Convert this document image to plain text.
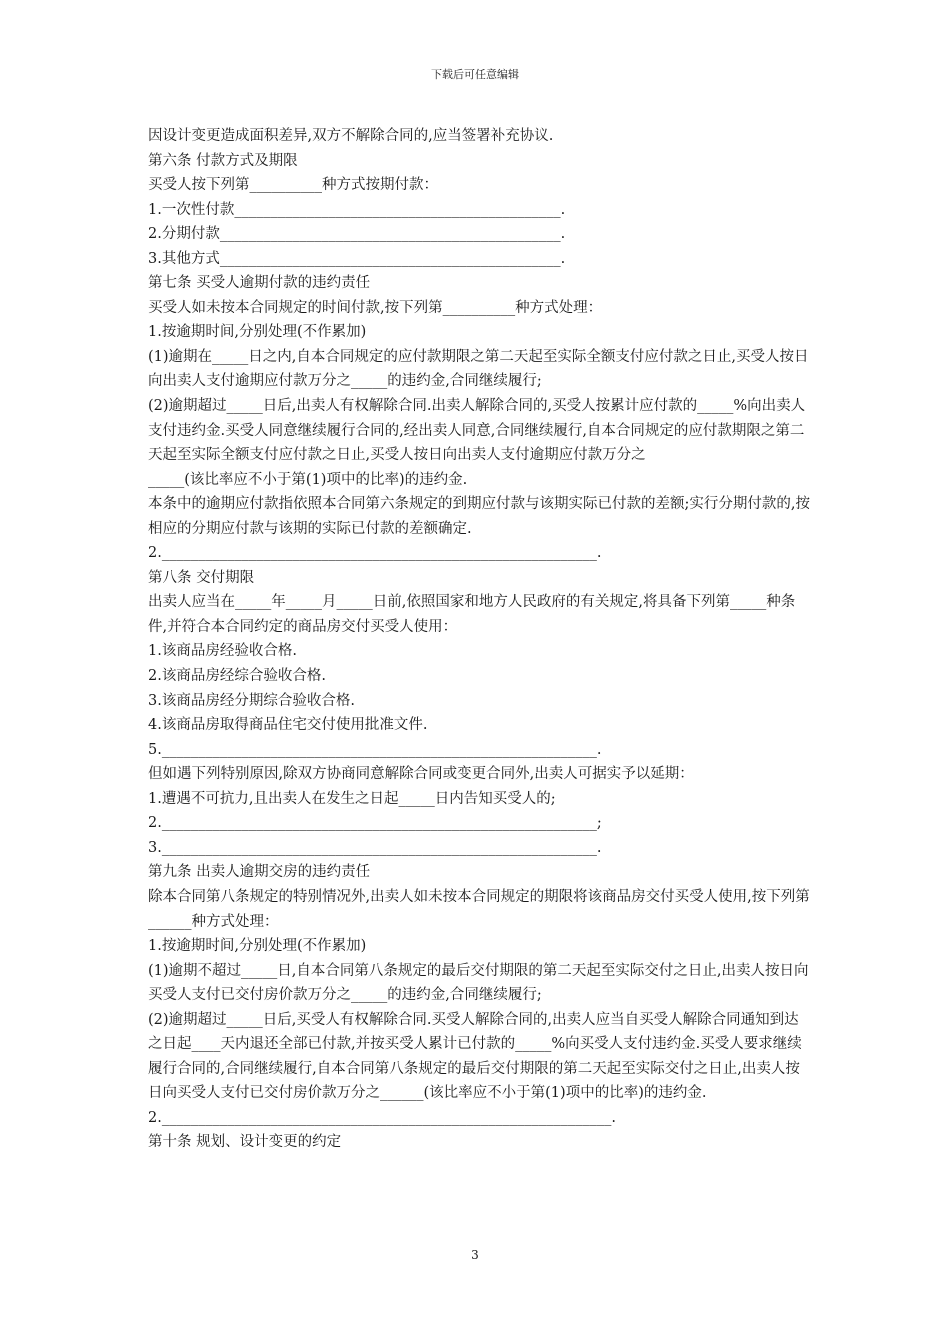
下载后可任意编辑

因设计变更造成面积差异,双方不解除合同的,应当签署补充协议.

第六条 付款方式及期限

买受人按下列第__________种方式按期付款：

1.一次性付款_____________________________________________.

2.分期付款_______________________________________________.

3.其他方式_______________________________________________.

第七条 买受人逾期付款的违约责任

买受人如未按本合同规定的时间付款,按下列第__________种方式处理：

1.按逾期时间,分别处理(不作累加)

(1)逾期在_____日之内,自本合同规定的应付款期限之第二天起至实际全额支付应付款之日止,买受人按日向出卖人支付逾期应付款万分之_____的违约金,合同继续履行;

(2)逾期超过_____日后,出卖人有权解除合同.出卖人解除合同的,买受人按累计应付款的_____%向出卖人支付违约金.买受人同意继续履行合同的,经出卖人同意,合同继续履行,自本合同规定的应付款期限之第二天起至实际全额支付应付款之日止,买受人按日向出卖人支付逾期应付款万分之

_____(该比率应不小于第(1)项中的比率)的违约金.

本条中的逾期应付款指依照本合同第六条规定的到期应付款与该期实际已付款的差额;实行分期付款的,按相应的分期应付款与该期的实际已付款的差额确定.

2.____________________________________________________________.

第八条 交付期限

出卖人应当在_____年_____月_____日前,依照国家和地方人民政府的有关规定,将具备下列第_____种条件,并符合本合同约定的商品房交付买受人使用：

1.该商品房经验收合格.

2.该商品房经综合验收合格.

3.该商品房经分期综合验收合格.

4.该商品房取得商品住宅交付使用批准文件.

5.____________________________________________________________.

但如遇下列特别原因,除双方协商同意解除合同或变更合同外,出卖人可据实予以延期：

1.遭遇不可抗力,且出卖人在发生之日起_____日内告知买受人的;

2.____________________________________________________________;

3.____________________________________________________________.

第九条 出卖人逾期交房的违约责任

除本合同第八条规定的特别情况外,出卖人如未按本合同规定的期限将该商品房交付买受人使用,按下列第______种方式处理：

1.按逾期时间,分别处理(不作累加)

(1)逾期不超过_____日,自本合同第八条规定的最后交付期限的第二天起至实际交付之日止,出卖人按日向买受人支付已交付房价款万分之_____的违约金,合同继续履行;

(2)逾期超过_____日后,买受人有权解除合同.买受人解除合同的,出卖人应当自买受人解除合同通知到达之日起____天内退还全部已付款,并按买受人累计已付款的_____%向买受人支付违约金.买受人要求继续履行合同的,合同继续履行,自本合同第八条规定的最后交付期限的第二天起至实际交付之日止,出卖人按日向买受人支付已交付房价款万分之______(该比率应不小于第(1)项中的比率)的违约金.

2.______________________________________________________________.

第十条 规划、设计变更的约定

3
